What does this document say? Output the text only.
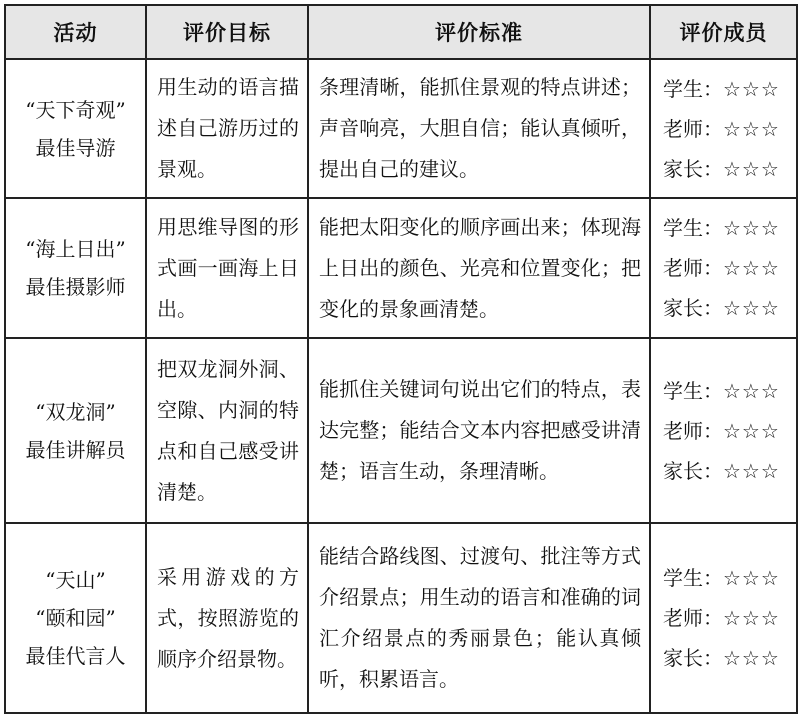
活动	评价目标	评价标准	评价成员

“天下奇观”
最佳导游	用生动的语言描述自己游历过的景观。	条理清晰，能抓住景观的特点讲述；声音响亮，大胆自信；能认真倾听，提出自己的建议。	学生：☆☆☆
老师：☆☆☆
家长：☆☆☆

“海上日出”
最佳摄影师	用思维导图的形式画一画海上日出。	能把太阳变化的顺序画出来；体现海上日出的颜色、光亮和位置变化；把变化的景象画清楚。	学生：☆☆☆
老师：☆☆☆
家长：☆☆☆

“双龙洞”
最佳讲解员	把双龙洞外洞、空隙、内洞的特点和自己感受讲清楚。	能抓住关键词句说出它们的特点，表达完整；能结合文本内容把感受讲清楚；语言生动，条理清晰。	学生：☆☆☆
老师：☆☆☆
家长：☆☆☆

“天山”
“颐和园”
最佳代言人	采用游戏的方式，按照游览的顺序介绍景物。	能结合路线图、过渡句、批注等方式介绍景点；用生动的语言和准确的词汇介绍景点的秀丽景色；能认真倾听，积累语言。	学生：☆☆☆
老师：☆☆☆
家长：☆☆☆
